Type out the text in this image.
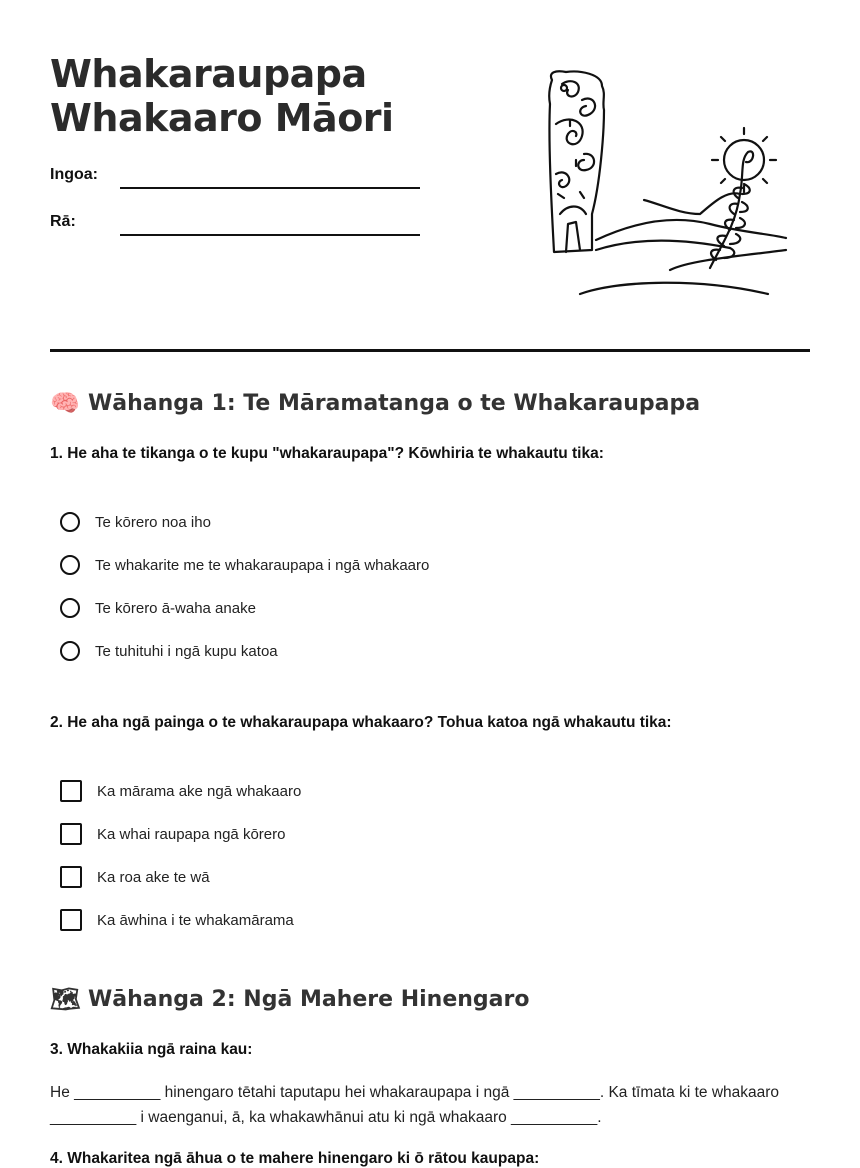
Whakaraupapa
Whakaaro Māori
Ingoa:
Rā:
🧠 Wāhanga 1: Te Māramatanga o te Whakaraupapa
1. He aha te tikanga o te kupu "whakaraupapa"? Kōwhiria te whakautu tika:
Te kōrero noa iho
Te whakarite me te whakaraupapa i ngā whakaaro
Te kōrero ā-waha anake
Te tuhituhi i ngā kupu katoa
2. He aha ngā painga o te whakaraupapa whakaaro? Tohua katoa ngā whakautu tika:
Ka mārama ake ngā whakaaro
Ka whai raupapa ngā kōrero
Ka roa ake te wā
Ka āwhina i te whakamārama
🗺 Wāhanga 2: Ngā Mahere Hinengaro
3. Whakakiia ngā raina kau:
He __________ hinengaro tētahi taputapu hei whakaraupapa i ngā __________. Ka tīmata ki te whakaaro __________ i waenganui, ā, ka whakawhānui atu ki ngā whakaaro __________.
4. Whakaritea ngā āhua o te mahere hinengaro ki ō rātou kaupapa:
